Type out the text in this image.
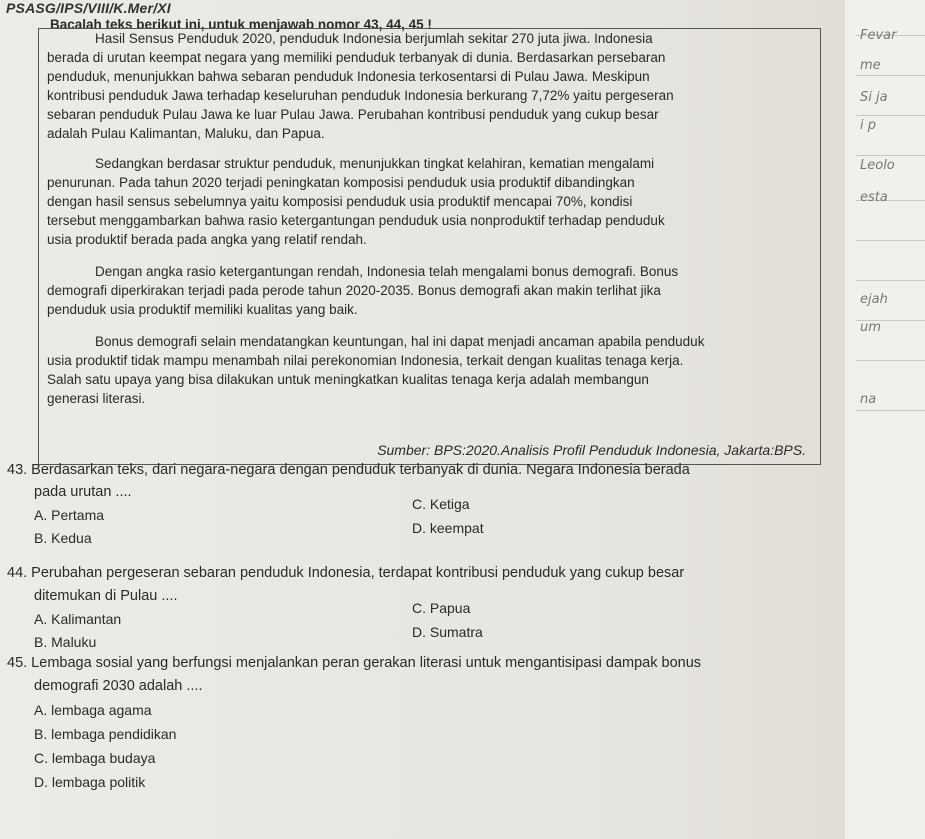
PSASG/IPS/VIII/K.Mer/XI
Bacalah teks berikut ini, untuk menjawab nomor 43, 44, 45 !
Hasil Sensus Penduduk 2020, penduduk Indonesia berjumlah sekitar 270 juta jiwa. Indonesia
berada di urutan keempat negara yang memiliki penduduk terbanyak di dunia. Berdasarkan persebaran
penduduk, menunjukkan bahwa sebaran penduduk Indonesia terkosentarsi di Pulau Jawa. Meskipun
kontribusi penduduk Jawa terhadap keseluruhan penduduk Indonesia berkurang 7,72% yaitu pergeseran
sebaran penduduk Pulau Jawa ke luar Pulau Jawa. Perubahan kontribusi penduduk yang cukup besar
adalah Pulau Kalimantan, Maluku, dan Papua.
Sedangkan berdasar struktur penduduk, menunjukkan tingkat kelahiran, kematian mengalami
penurunan. Pada tahun 2020 terjadi peningkatan komposisi penduduk usia produktif dibandingkan
dengan hasil sensus sebelumnya yaitu komposisi penduduk usia produktif mencapai 70%, kondisi
tersebut menggambarkan bahwa rasio ketergantungan penduduk usia nonproduktif terhadap penduduk
usia produktif berada pada angka yang relatif rendah.
Dengan angka rasio ketergantungan rendah, Indonesia telah mengalami bonus demografi. Bonus
demografi diperkirakan terjadi pada perode tahun 2020-2035. Bonus demografi akan makin terlihat jika
penduduk usia produktif memiliki kualitas yang baik.
Bonus demografi selain mendatangkan keuntungan, hal ini dapat menjadi ancaman apabila penduduk
usia produktif tidak mampu menambah nilai perekonomian Indonesia, terkait dengan kualitas tenaga kerja.
Salah satu upaya yang bisa dilakukan untuk meningkatkan kualitas tenaga kerja adalah membangun
generasi literasi.
Sumber: BPS:2020.Analisis Profil Penduduk Indonesia, Jakarta:BPS.
43. Berdasarkan teks, dari negara-negara dengan penduduk terbanyak di dunia. Negara Indonesia berada
pada urutan ....
A. Pertama
B. Kedua
C. Ketiga
D. keempat
44. Perubahan pergeseran sebaran penduduk Indonesia, terdapat kontribusi penduduk yang cukup besar
ditemukan di Pulau ....
A. Kalimantan
B. Maluku
C. Papua
D. Sumatra
45. Lembaga sosial yang berfungsi menjalankan peran gerakan literasi untuk mengantisipasi dampak bonus
demografi 2030 adalah ....
A. lembaga agama
B. lembaga pendidikan
C. lembaga budaya
D. lembaga politik
Fevar
me
Si ja
i p
Leolo
esta
ejah
um
na
